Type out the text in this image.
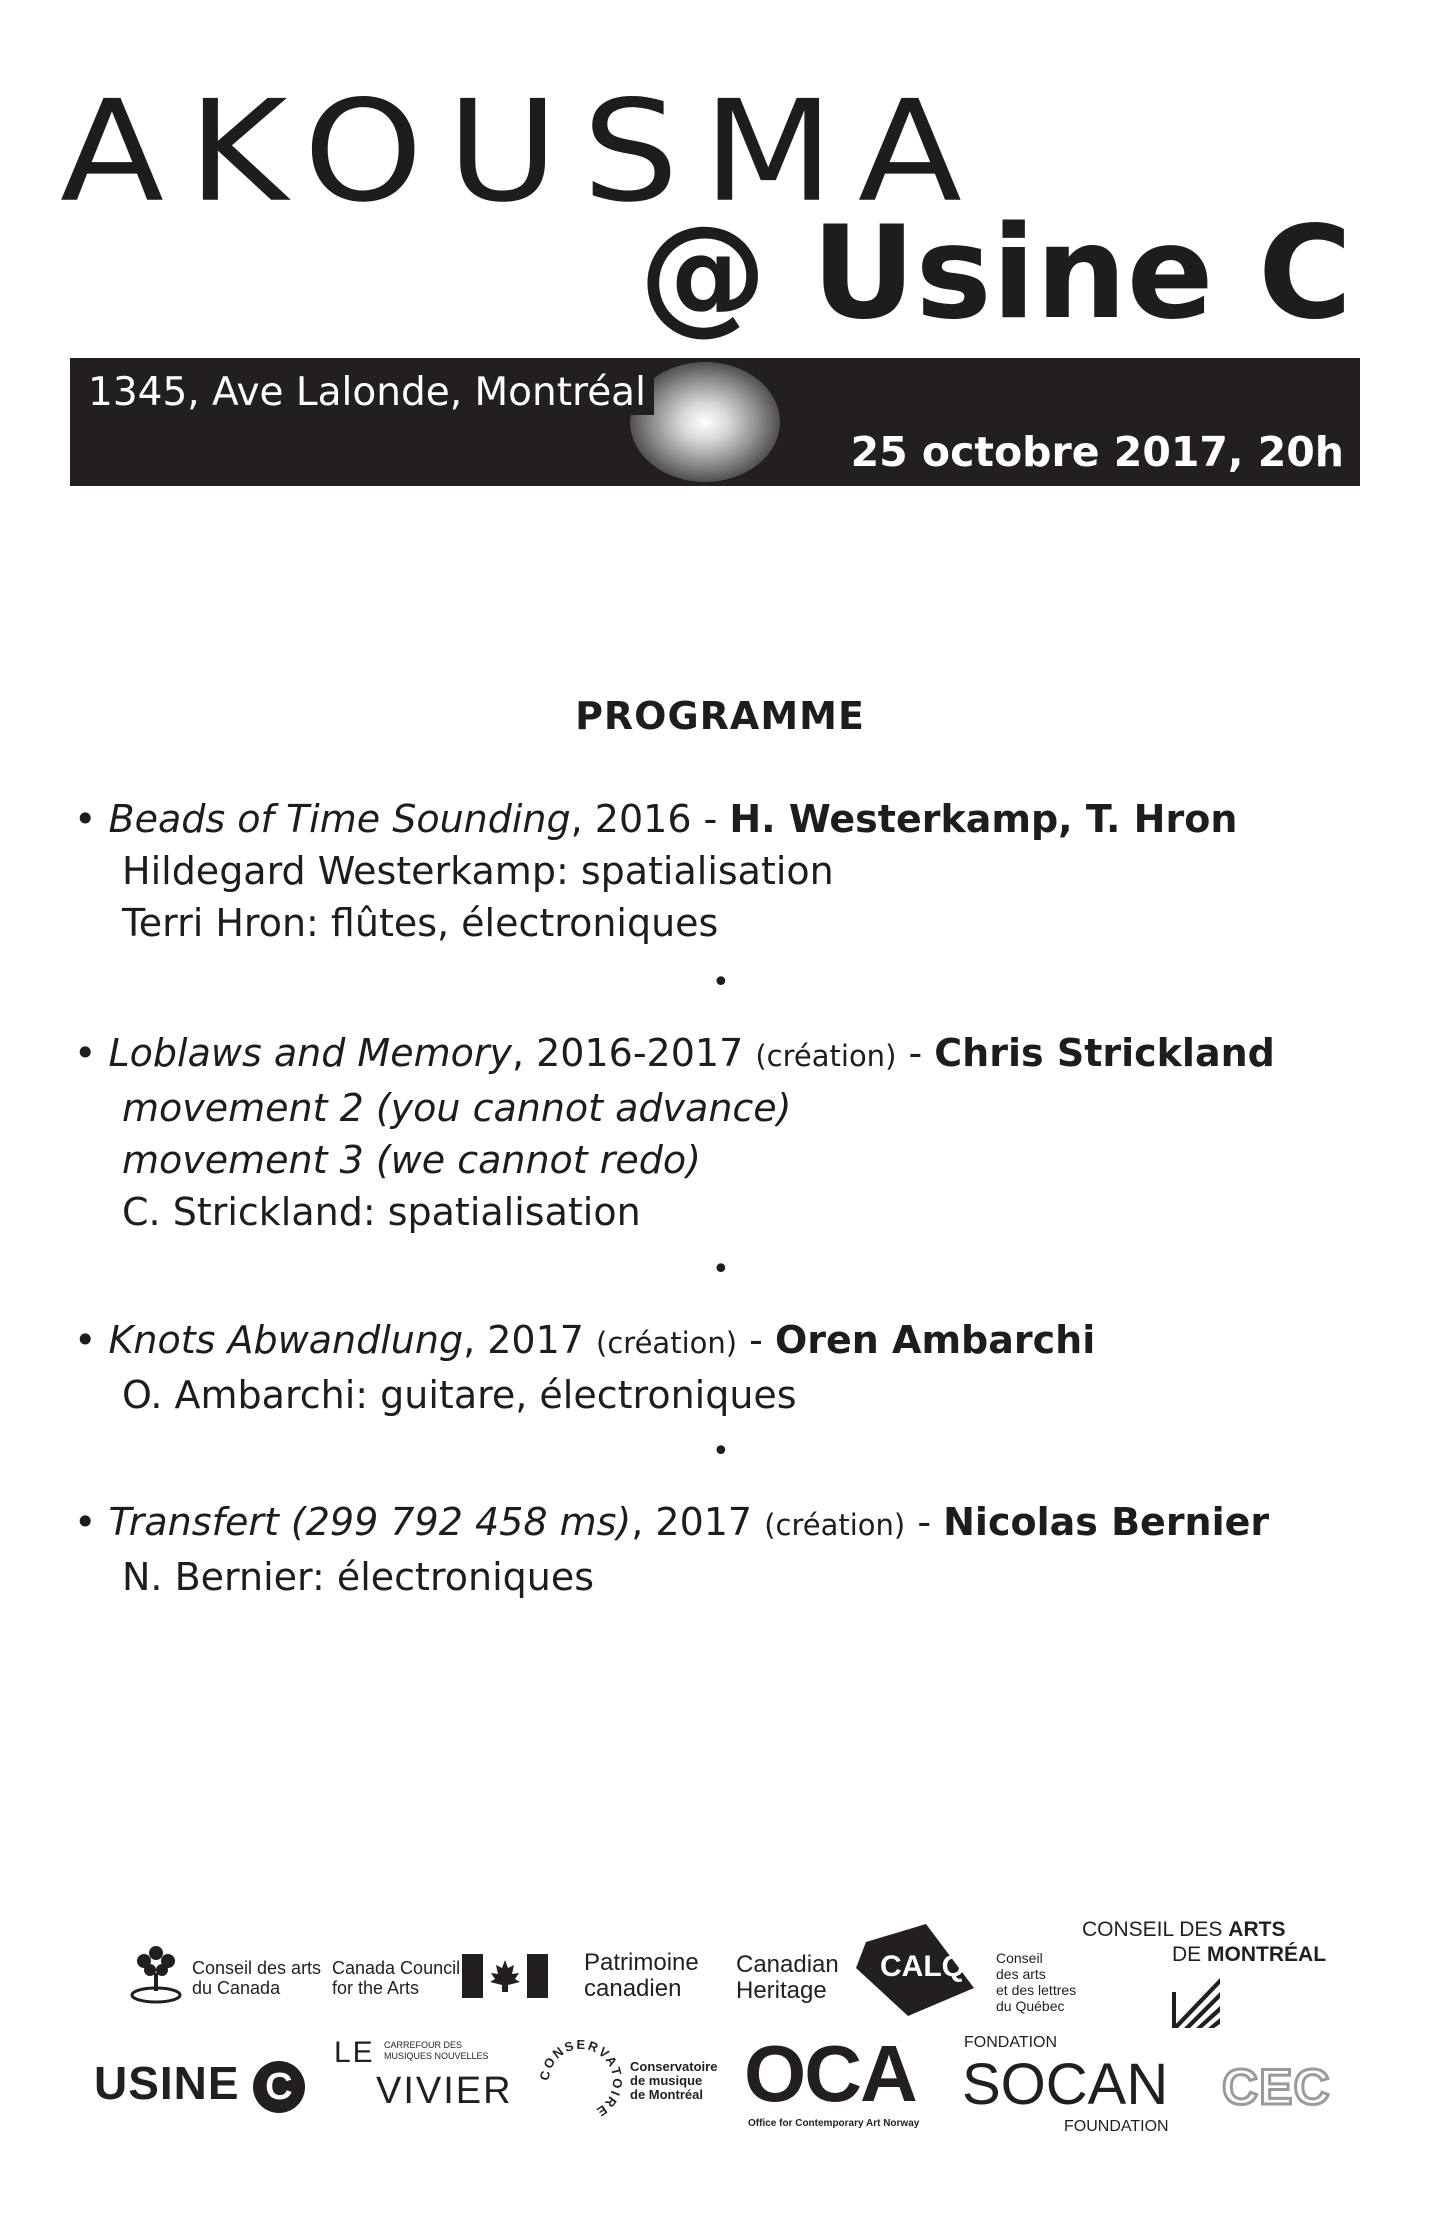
AKOUSMA
@ Usine C
1345, Ave Lalonde, Montréal
25 octobre 2017, 20h
PROGRAMME
• Beads of Time Sounding, 2016 - H. Westerkamp, T. Hron
Hildegard Westerkamp: spatialisation
Terri Hron: flûtes, électroniques
•
• Loblaws and Memory, 2016-2017 (création) - Chris Strickland
movement 2 (you cannot advance)
movement 3 (we cannot redo)
C. Strickland: spatialisation
•
• Knots Abwandlung, 2017 (création) - Oren Ambarchi
O. Ambarchi: guitare, électroniques
•
• Transfert (299 792 458 ms), 2017 (création) - Nicolas Bernier
N. Bernier: électroniques
Conseil des arts
du Canada
Canada Council
for the Arts
Patrimoine
canadien
Canadian
Heritage
CALQ Conseil
des arts
et des lettres
du Québec
CONSEIL DES ARTS
DE MONTRÉAL
USINE C
LE CARREFOUR DES
MUSIQUES NOUVELLES
VIVIER CONSERVATOIRE
Conservatoire
de musique
de Montréal OCA
Office for Contemporary Art Norway
FONDATION
SOCAN
FOUNDATION
CEC
